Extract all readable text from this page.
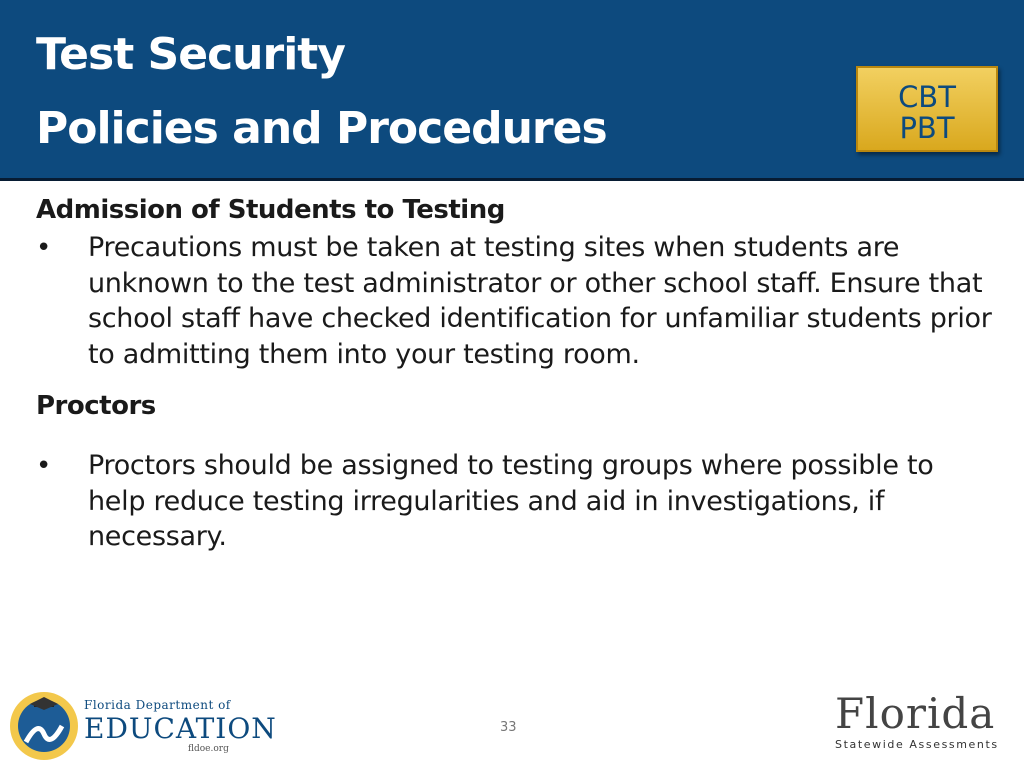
Test Security
Policies and Procedures
CBT
PBT
Admission of Students to Testing
•	Precautions must be taken at testing sites when students are unknown to the test administrator or other school staff. Ensure that school staff have checked identification for unfamiliar students prior to admitting them into your testing room.
Proctors
•	Proctors should be assigned to testing groups where possible to help reduce testing irregularities and aid in investigations, if necessary.
Florida Department of
EDUCATION
fldoe.org
33	Florida
Statewide Assessments
